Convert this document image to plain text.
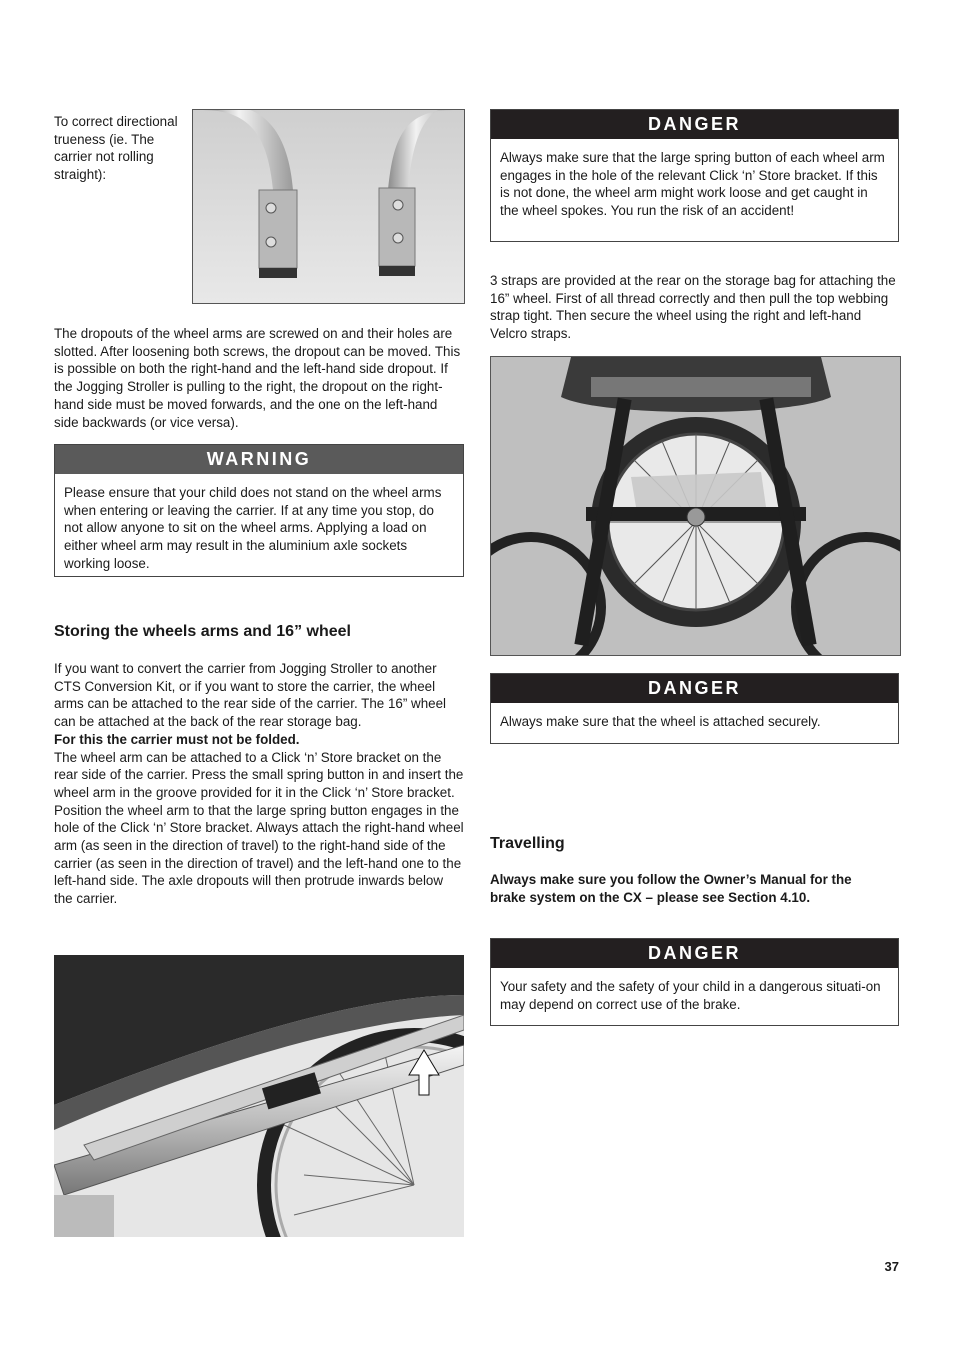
To correct directional trueness (ie. The carrier not rolling straight):

The dropouts of the wheel arms are screwed on and their holes are slotted. After loosening both screws, the dropout can be moved. This is possible on both the right-hand and the left-hand side dropout. If the Jogging Stroller is pulling to the right, the dropout on the right-hand side must be moved forwards, and the one on the left-hand side backwards (or vice versa).

WARNING
Please ensure that your child does not stand on the wheel arms when entering or leaving the carrier. If at any time you stop, do not allow anyone to sit on the wheel arms. Applying a load on either wheel arm may result in the aluminium axle sockets working loose.
Storing the wheels arms and 16” wheel

If you want to convert the carrier from Jogging Stroller to another CTS Conversion Kit, or if you want to store the carrier, the wheel arms can be attached to the rear side of the carrier. The 16” wheel can be attached at the back of the rear storage bag.

For this the carrier must not be folded.

The wheel arm can be attached to a Click ‘n’ Store bracket on the rear side of the carrier. Press the small spring button in and insert the wheel arm in the groove provided for it in the Click ‘n’ Store bracket. Position the wheel arm to that the large spring button engages in the hole of the Click ‘n’ Store bracket. Always attach the right-hand wheel arm (as seen in the direction of travel) to the right-hand side of the carrier (as seen in the direction of travel) and the left-hand one to the left-hand side. The axle dropouts will then protrude inwards below the carrier.

DANGER
Always make sure that the large spring button of each wheel arm engages in the hole of the relevant Click ‘n’ Store bracket. If this is not done, the wheel arm might work loose and get caught in the wheel spokes. You run the risk of an accident!

3 straps are provided at the rear on the storage bag for attaching the 16” wheel. First of all thread correctly and then pull the top webbing strap tight. Then secure the wheel using the right and left-hand Velcro straps.

DANGER
Always make sure that the wheel is attached securely.
Travelling

Always make sure you follow the Owner’s Manual for the brake system on the CX – please see Section 4.10.

DANGER
Your safety and the safety of your child in a dangerous situati-on may depend on correct use of the brake.
37
